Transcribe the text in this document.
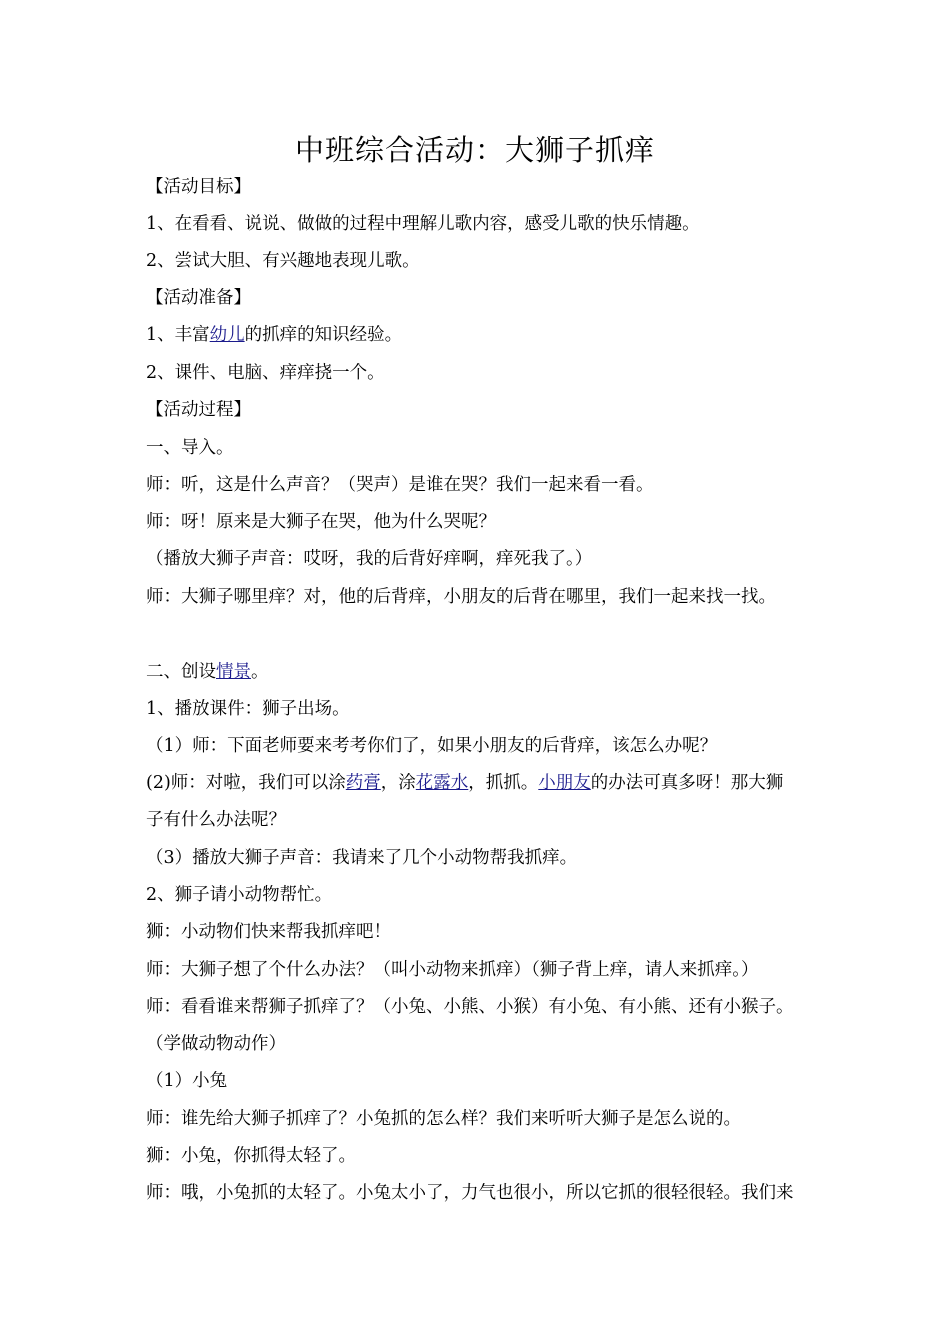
中班综合活动：大狮子抓痒
【活动目标】
1、在看看、说说、做做的过程中理解儿歌内容，感受儿歌的快乐情趣。
2、尝试大胆、有兴趣地表现儿歌。
【活动准备】
1、丰富幼儿的抓痒的知识经验。
2、课件、电脑、痒痒挠一个。
【活动过程】
一、导入。
师：听，这是什么声音？（哭声）是谁在哭？我们一起来看一看。
师：呀！原来是大狮子在哭，他为什么哭呢？
（播放大狮子声音：哎呀，我的后背好痒啊，痒死我了。）
师：大狮子哪里痒？对，他的后背痒，小朋友的后背在哪里，我们一起来找一找。
二、创设情景。
1、播放课件：狮子出场。
（1）师：下面老师要来考考你们了，如果小朋友的后背痒，该怎么办呢？
(2)师：对啦，我们可以涂药膏，涂花露水，抓抓。小朋友的办法可真多呀！那大狮
子有什么办法呢？
（3）播放大狮子声音：我请来了几个小动物帮我抓痒。
2、狮子请小动物帮忙。
狮：小动物们快来帮我抓痒吧！
师：大狮子想了个什么办法？（叫小动物来抓痒）（狮子背上痒，请人来抓痒。）
师：看看谁来帮狮子抓痒了？（小兔、小熊、小猴）有小兔、有小熊、还有小猴子。
（学做动物动作）
（1）小兔
师：谁先给大狮子抓痒了？小兔抓的怎么样？我们来听听大狮子是怎么说的。
狮：小兔，你抓得太轻了。
师：哦，小兔抓的太轻了。小兔太小了，力气也很小，所以它抓的很轻很轻。我们来
